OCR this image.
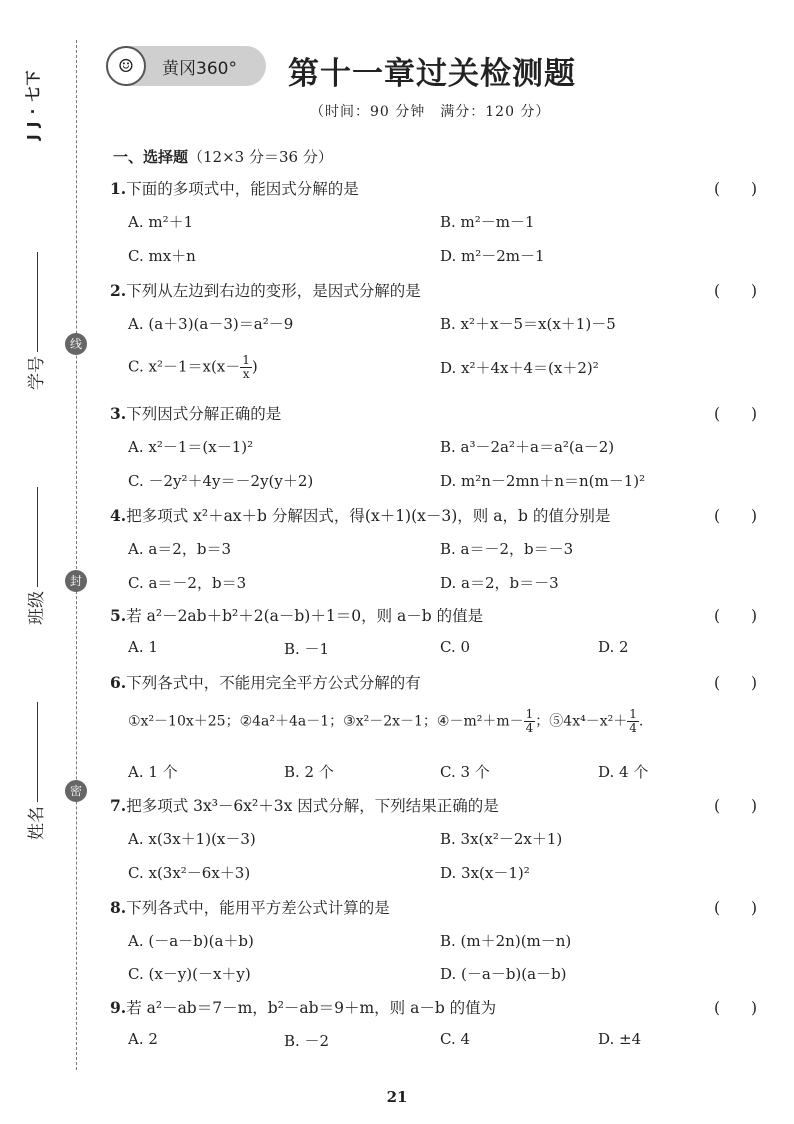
J J · 七下
学号
班级
姓名
线
封
密
☺	黄冈360° 第十一章过关检测题
（时间：90 分钟　满分：120 分）
一、选择题（12×3 分＝36 分）
1.下面的多项式中，能因式分解的是	(　　)
A. m²＋1	B. m²－m－1
C. mx＋n	D. m²－2m－1
2.下列从左边到右边的变形，是因式分解的是	(　　)
A. (a＋3)(a－3)＝a²－9	B. x²＋x－5＝x(x＋1)－5
C. $x^2-1=x(x- \frac{1}{x}$ )	D. x²＋4x＋4＝(x＋2)²
3.下列因式分解正确的是	(　　)
A. x²－1＝(x－1)²	B. a³－2a²＋a＝a²(a－2)
C. －2y²＋4y＝－2y(y＋2)	D. m²n－2mn＋n＝n(m－1)²
4.把多项式 x²＋ax＋b 分解因式，得(x＋1)(x－3)，则 a，b 的值分别是	(　　)
A. a＝2，b＝3	B. a＝－2，b＝－3
C. a＝－2，b＝3	D. a＝2，b＝－3
5.若 a²－2ab＋b²＋2(a－b)＋1＝0，则 a－b 的值是	(　　)
A. 1	B. －1	C. 0	D. 2
6.下列各式中，不能用完全平方公式分解的有	(　　)
①x²－10x＋25；②4a²＋4a－1；③x²－2x－1；④－m²＋m－ $\frac{1}{4}$ ；⑤4x⁴－x²＋ $\frac{1}{4}$ .
A. 1 个	B. 2 个	C. 3 个	D. 4 个
7.把多项式 3x³－6x²＋3x 因式分解，下列结果正确的是	(　　)
A. x(3x＋1)(x－3)	B. 3x(x²－2x＋1)
C. x(3x²－6x＋3)	D. 3x(x－1)²
8.下列各式中，能用平方差公式计算的是	(　　)
A. (－a－b)(a＋b)	B. (m＋2n)(m－n)
C. (x－y)(－x＋y)	D. (－a－b)(a－b)
9.若 a²－ab＝7－m，b²－ab＝9＋m，则 a－b 的值为	(　　)
A. 2	B. －2	C. 4	D. ±4
21
